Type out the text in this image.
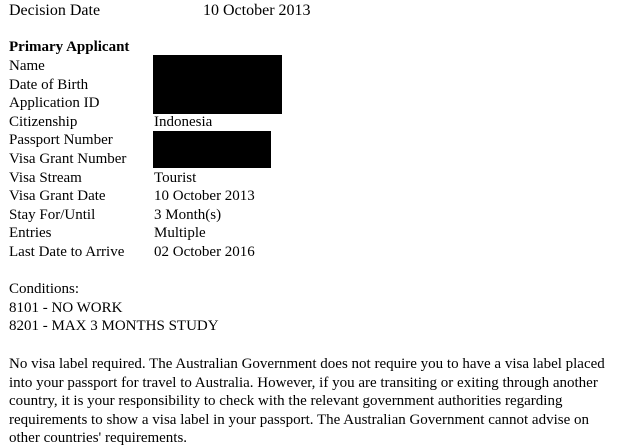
Decision Date	10 October 2013
Primary Applicant
Name
Date of Birth
Application ID
Citizenship	Indonesia
Passport Number
Visa Grant Number
Visa Stream	Tourist
Visa Grant Date	10 October 2013
Stay For/Until	3 Month(s)
Entries	Multiple
Last Date to Arrive 02 October 2016
Conditions:
8101 - NO WORK
8201 - MAX 3 MONTHS STUDY

No visa label required. The Australian Government does not require you to have a visa label placed into your passport for travel to Australia. However, if you are transiting or exiting through another country, it is your responsibility to check with the relevant government authorities regarding requirements to show a visa label in your passport. The Australian Government cannot advise on other countries' requirements.
